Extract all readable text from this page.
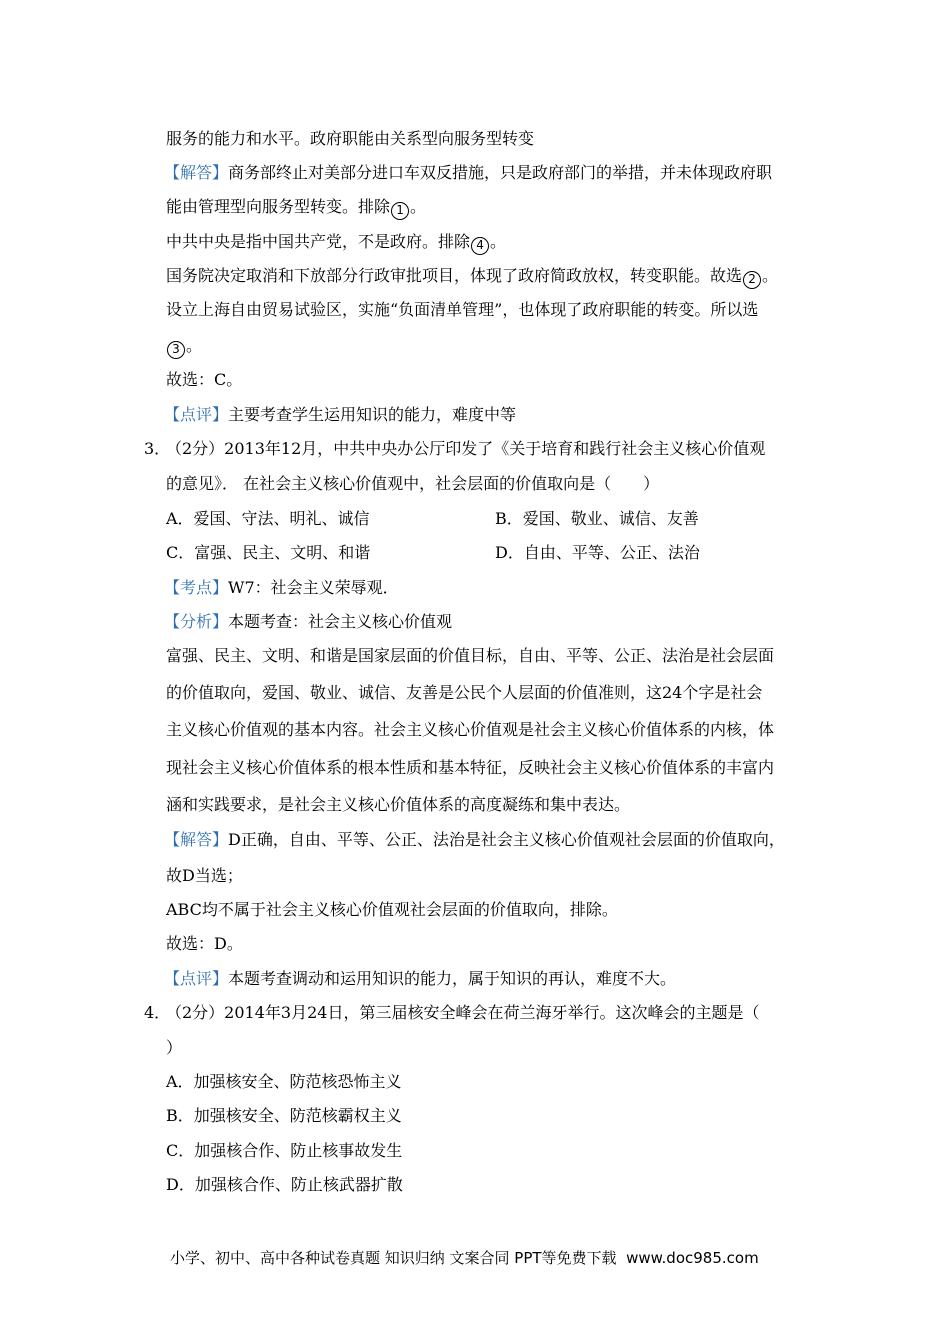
服务的能力和水平。政府职能由关系型向服务型转变
【解答】商务部终止对美部分进口车双反措施，只是政府部门的举措，并未体现政府职
能由管理型向服务型转变。排除 1 。
中共中央是指中国共产党，不是政府。排除 4 。
国务院决定取消和下放部分行政审批项目，体现了政府简政放权，转变职能。故选 2 。
设立上海自由贸易试验区，实施“负面清单管理”，也体现了政府职能的转变。所以选
3 。
故选：C。
【点评】主要考查学生运用知识的能力，难度中等
3．
（2分）2013年12月，中共中央办公厅印发了《关于培育和践行社会主义核心价值观
的意见》． 在社会主义核心价值观中，社会层面的价值取向是（　　）
A．爱国、守法、明礼、诚信	B．爱国、敬业、诚信、友善
C．富强、民主、文明、和谐	D．自由、平等、公正、法治
【考点】W7：社会主义荣辱观．
【分析】本题考查：社会主义核心价值观
富强、民主、文明、和谐是国家层面的价值目标，自由、平等、公正、法治是社会层面
的价值取向，爱国、敬业、诚信、友善是公民个人层面的价值准则，这24个字是社会
主义核心价值观的基本内容。社会主义核心价值观是社会主义核心价值体系的内核，体
现社会主义核心价值体系的根本性质和基本特征，反映社会主义核心价值体系的丰富内
涵和实践要求，是社会主义核心价值体系的高度凝练和集中表达。
【解答】D正确，自由、平等、公正、法治是社会主义核心价值观社会层面的价值取向，
故D当选；
ABC均不属于社会主义核心价值观社会层面的价值取向，排除。
故选：D。
【点评】本题考查调动和运用知识的能力，属于知识的再认，难度不大。
4．
（2分）2014年3月24日，第三届核安全峰会在荷兰海牙举行。这次峰会的主题是（
）
A．加强核安全、防范核恐怖主义
B．加强核安全、防范核霸权主义
C．加强核合作、防止核事故发生
D．加强核合作、防止核武器扩散
小学、初中、高中各种试卷真题 知识归纳 文案合同 PPT等免费下载 www.doc985.com
